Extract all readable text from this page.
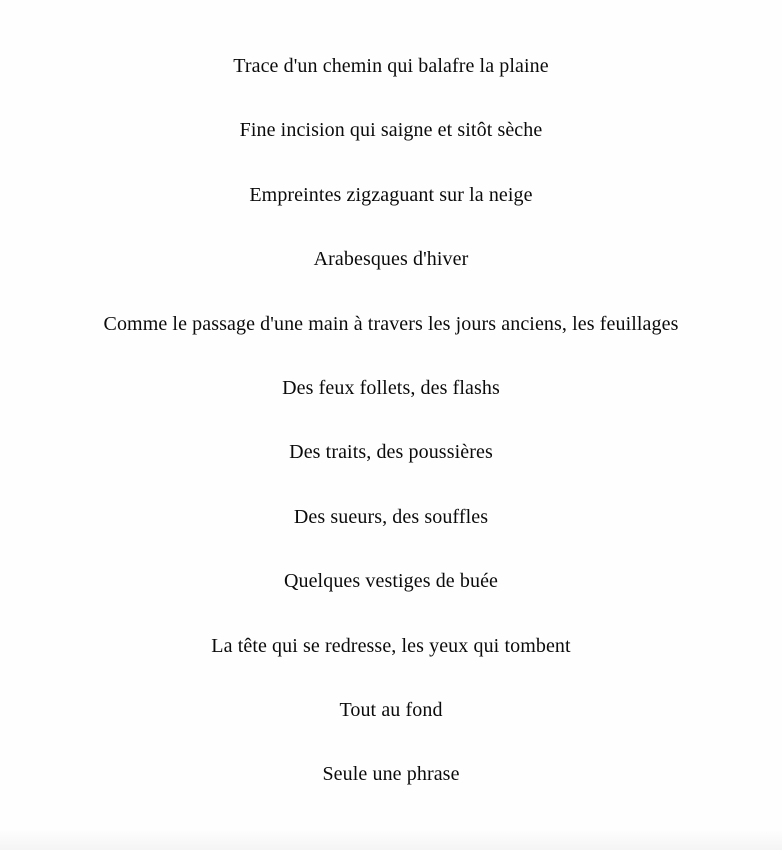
Trace d'un chemin qui balafre la plaine

Fine incision qui saigne et sitôt sèche

Empreintes zigzaguant sur la neige

Arabesques d'hiver

Comme le passage d'une main à travers les jours anciens, les feuillages

Des feux follets, des flashs

Des traits, des poussières

Des sueurs, des souffles

Quelques vestiges de buée

La tête qui se redresse, les yeux qui tombent

Tout au fond

Seule une phrase
